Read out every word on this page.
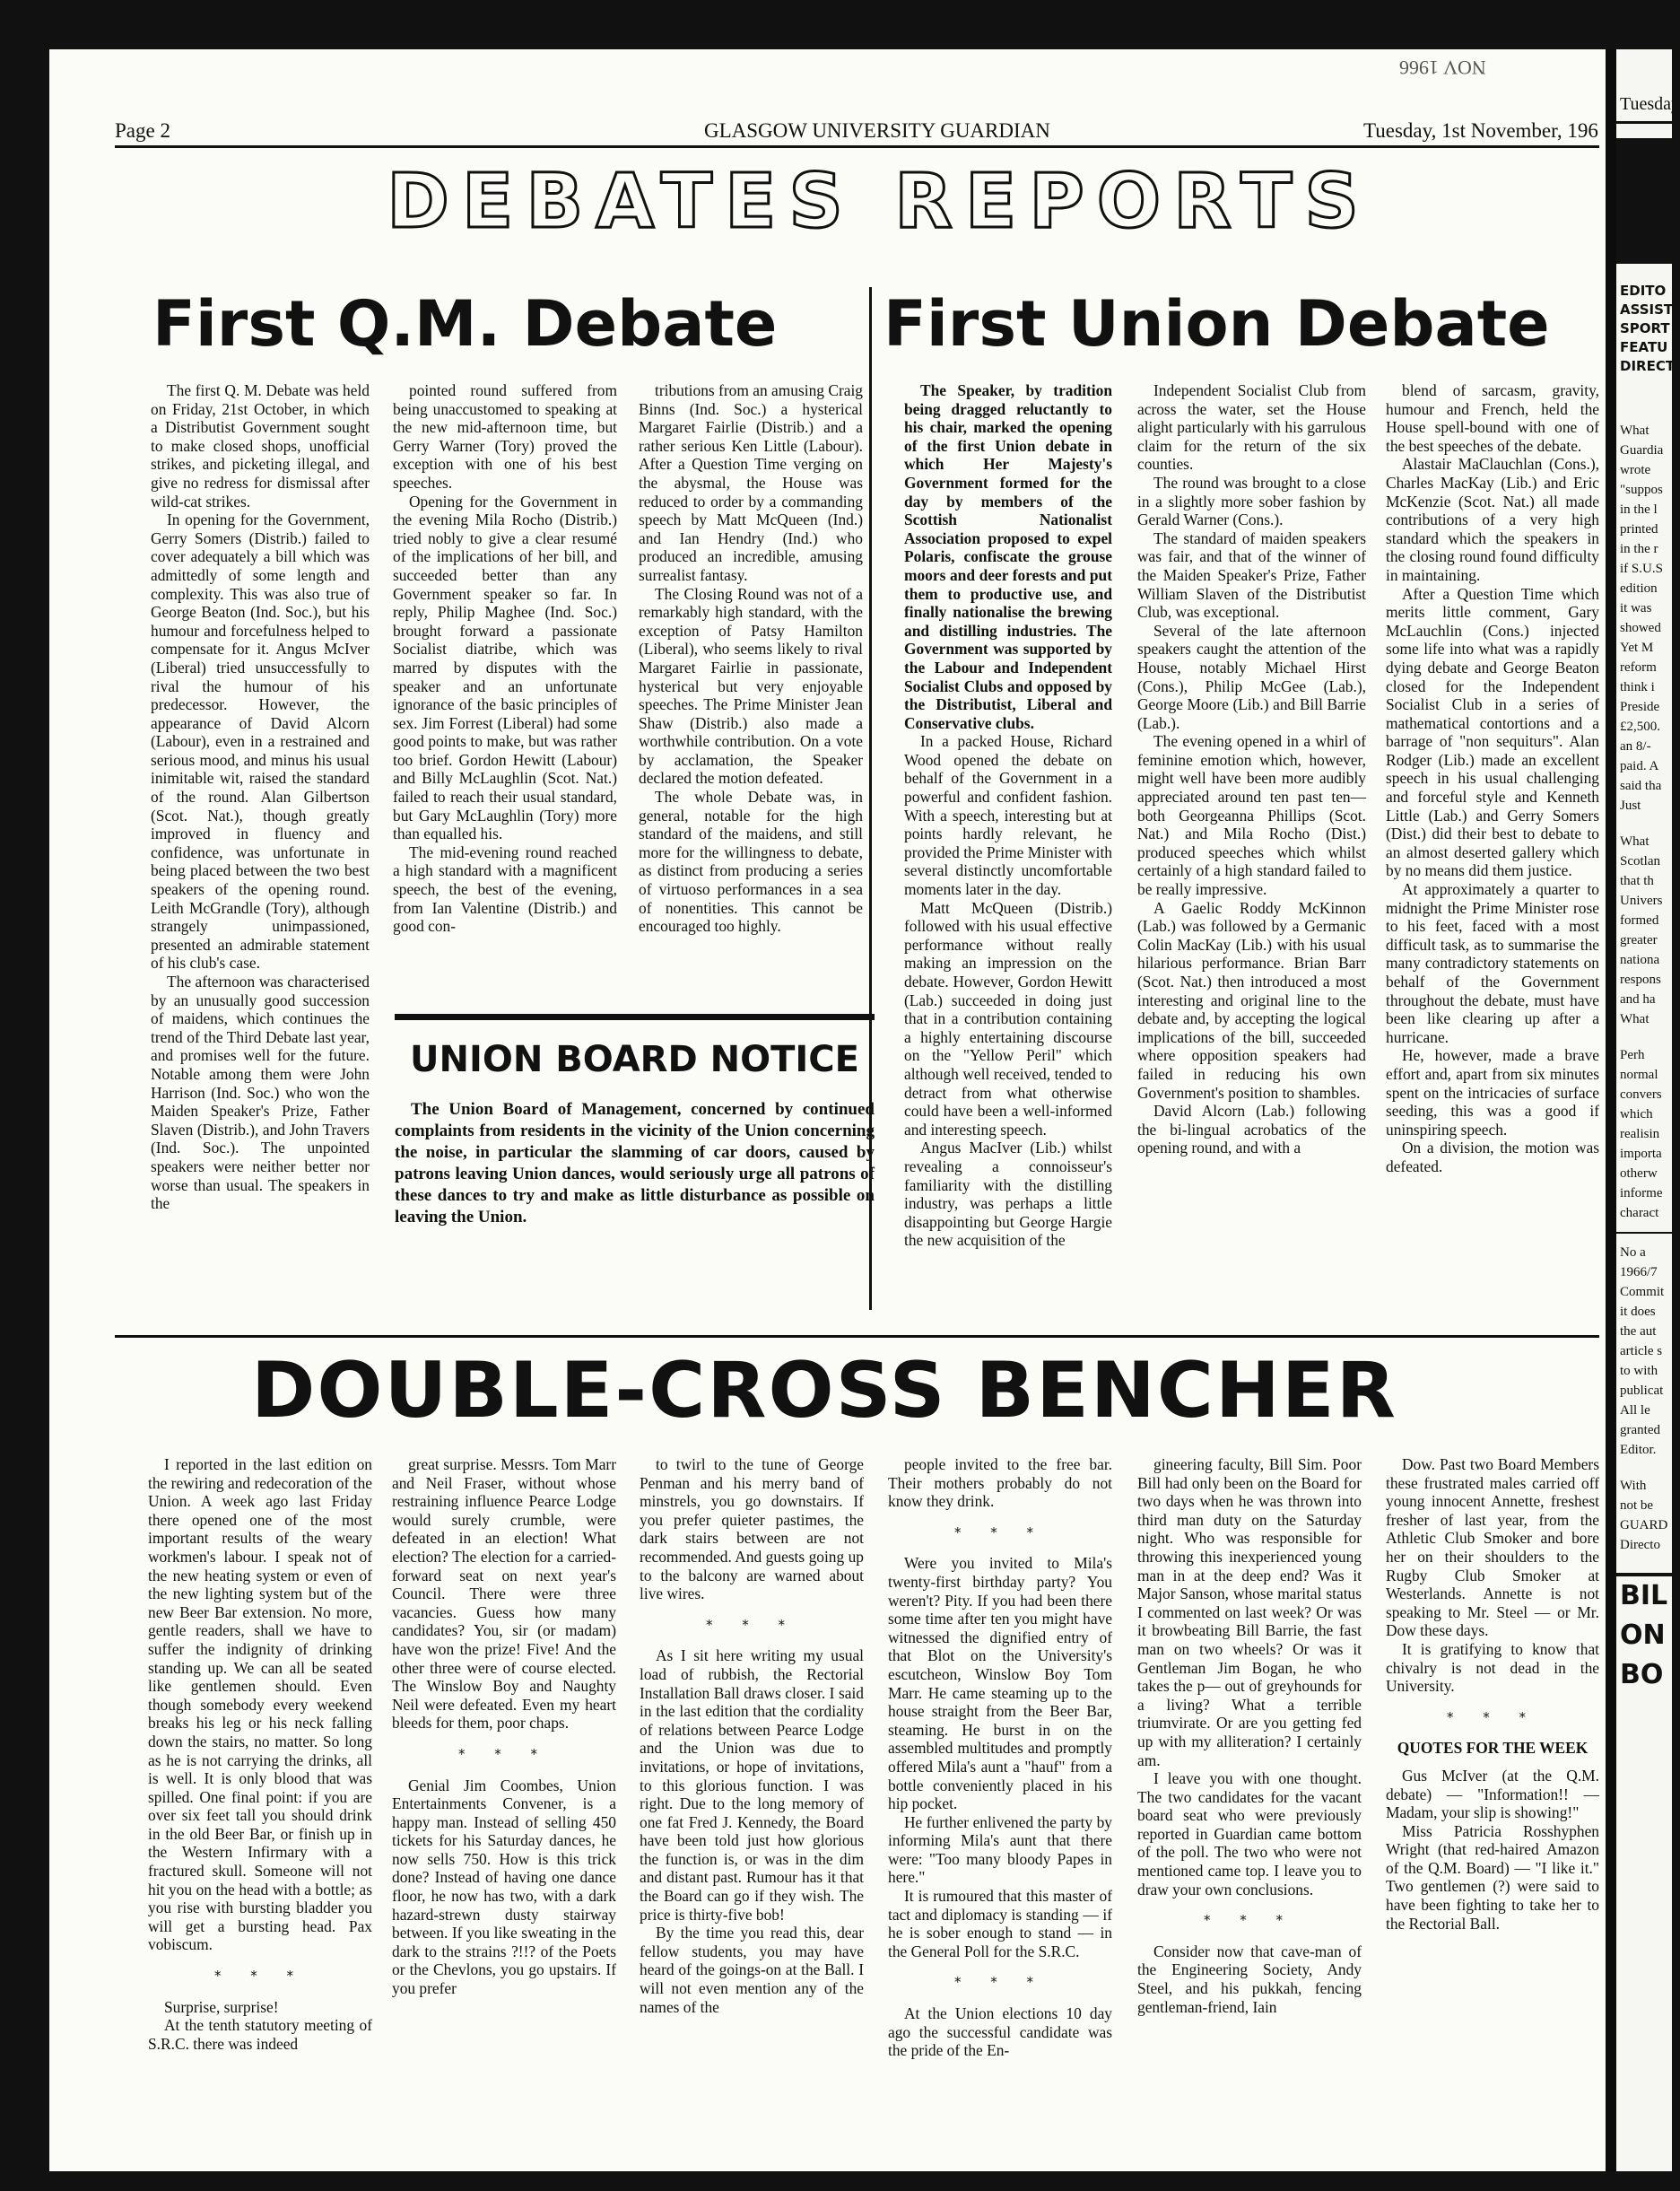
Page 2	GLASGOW UNIVERSITY GUARDIAN	Tuesday, 1st November, 196
NOV 1966
DEBATES REPORTS
First Q.M. Debate First Union Debate

The first Q. M. Debate was held on Friday, 21st October, in which a Distributist Government sought to make closed shops, unofficial strikes, and picketing illegal, and give no redress for dismissal after wild-cat strikes.

In opening for the Government, Gerry Somers (Distrib.) failed to cover adequately a bill which was admittedly of some length and complexity. This was also true of George Beaton (Ind. Soc.), but his humour and forcefulness helped to compensate for it. Angus McIver (Liberal) tried unsuccessfully to rival the humour of his predecessor. However, the appearance of David Alcorn (Labour), even in a restrained and serious mood, and minus his usual inimitable wit, raised the standard of the round. Alan Gilbertson (Scot. Nat.), though greatly improved in fluency and confidence, was unfortunate in being placed between the two best speakers of the opening round. Leith McGrandle (Tory), although strangely unimpassioned, presented an admirable statement of his club's case.

The afternoon was characterised by an unusually good succession of maidens, which continues the trend of the Third Debate last year, and promises well for the future. Notable among them were John Harrison (Ind. Soc.) who won the Maiden Speaker's Prize, Father Slaven (Distrib.), and John Travers (Ind. Soc.). The unpointed speakers were neither better nor worse than usual. The speakers in the

pointed round suffered from being unaccustomed to speaking at the new mid-afternoon time, but Gerry Warner (Tory) proved the exception with one of his best speeches.

Opening for the Government in the evening Mila Rocho (Distrib.) tried nobly to give a clear resumé of the implications of her bill, and succeeded better than any Government speaker so far. In reply, Philip Maghee (Ind. Soc.) brought forward a passionate Socialist diatribe, which was marred by disputes with the speaker and an unfortunate ignorance of the basic principles of sex. Jim Forrest (Liberal) had some good points to make, but was rather too brief. Gordon Hewitt (Labour) and Billy McLaughlin (Scot. Nat.) failed to reach their usual standard, but Gary McLaughlin (Tory) more than equalled his.

The mid-evening round reached a high standard with a magnificent speech, the best of the evening, from Ian Valentine (Distrib.) and good con-

tributions from an amusing Craig Binns (Ind. Soc.) a hysterical Margaret Fairlie (Distrib.) and a rather serious Ken Little (Labour). After a Question Time verging on the abysmal, the House was reduced to order by a commanding speech by Matt McQueen (Ind.) and Ian Hendry (Ind.) who produced an incredible, amusing surrealist fantasy.

The Closing Round was not of a remarkably high standard, with the exception of Patsy Hamilton (Liberal), who seems likely to rival Margaret Fairlie in passionate, hysterical but very enjoyable speeches. The Prime Minister Jean Shaw (Distrib.) also made a worthwhile contribution. On a vote by acclamation, the Speaker declared the motion defeated.

The whole Debate was, in general, notable for the high standard of the maidens, and still more for the willingness to debate, as distinct from producing a series of virtuoso performances in a sea of nonentities. This cannot be encouraged too highly.

UNION BOARD NOTICE
The Union Board of Management, concerned by continued complaints from residents in the vicinity of the Union concerning the noise, in particular the slamming of car doors, caused by patrons leaving Union dances, would seriously urge all patrons of these dances to try and make as little disturbance as possible on leaving the Union.

The Speaker, by tradition being dragged reluctantly to his chair, marked the opening of the first Union debate in which Her Majesty's Government formed for the day by members of the Scottish Nationalist Association proposed to expel Polaris, confiscate the grouse moors and deer forests and put them to productive use, and finally nationalise the brewing and distilling industries. The Government was supported by the Labour and Independent Socialist Clubs and opposed by the Distributist, Liberal and Conservative clubs.

In a packed House, Richard Wood opened the debate on behalf of the Government in a powerful and confident fashion. With a speech, interesting but at points hardly relevant, he provided the Prime Minister with several distinctly uncomfortable moments later in the day.

Matt McQueen (Distrib.) followed with his usual effective performance without really making an impression on the debate. However, Gordon Hewitt (Lab.) succeeded in doing just that in a contribution containing a highly entertaining discourse on the "Yellow Peril" which although well received, tended to detract from what otherwise could have been a well-informed and interesting speech.

Angus MacIver (Lib.) whilst revealing a connoisseur's familiarity with the distilling industry, was perhaps a little disappointing but George Hargie the new acquisition of the

Independent Socialist Club from across the water, set the House alight particularly with his garrulous claim for the return of the six counties.

The round was brought to a close in a slightly more sober fashion by Gerald Warner (Cons.).

The standard of maiden speakers was fair, and that of the winner of the Maiden Speaker's Prize, Father William Slaven of the Distributist Club, was exceptional.

Several of the late afternoon speakers caught the attention of the House, notably Michael Hirst (Cons.), Philip McGee (Lab.), George Moore (Lib.) and Bill Barrie (Lab.).

The evening opened in a whirl of feminine emotion which, however, might well have been more audibly appreciated around ten past ten—both Georgeanna Phillips (Scot. Nat.) and Mila Rocho (Dist.) produced speeches which whilst certainly of a high standard failed to be really impressive.

A Gaelic Roddy McKinnon (Lab.) was followed by a Germanic Colin MacKay (Lib.) with his usual hilarious performance. Brian Barr (Scot. Nat.) then introduced a most interesting and original line to the debate and, by accepting the logical implications of the bill, succeeded where opposition speakers had failed in reducing his own Government's position to shambles.

David Alcorn (Lab.) following the bi-lingual acrobatics of the opening round, and with a

blend of sarcasm, gravity, humour and French, held the House spell-bound with one of the best speeches of the debate.

Alastair MaClauchlan (Cons.), Charles MacKay (Lib.) and Eric McKenzie (Scot. Nat.) all made contributions of a very high standard which the speakers in the closing round found difficulty in maintaining.

After a Question Time which merits little comment, Gary McLauchlin (Cons.) injected some life into what was a rapidly dying debate and George Beaton closed for the Independent Socialist Club in a series of mathematical contortions and a barrage of "non sequiturs". Alan Rodger (Lib.) made an excellent speech in his usual challenging and forceful style and Kenneth Little (Lab.) and Gerry Somers (Dist.) did their best to debate to an almost deserted gallery which by no means did them justice.

At approximately a quarter to midnight the Prime Minister rose to his feet, faced with a most difficult task, as to summarise the many contradictory statements on behalf of the Government throughout the debate, must have been like clearing up after a hurricane.

He, however, made a brave effort and, apart from six minutes spent on the intricacies of surface seeding, this was a good if uninspiring speech.

On a division, the motion was defeated.

DOUBLE-CROSS BENCHER

I reported in the last edition on the rewiring and redecoration of the Union. A week ago last Friday there opened one of the most important results of the weary workmen's labour. I speak not of the new heating system or even of the new lighting system but of the new Beer Bar extension. No more, gentle readers, shall we have to suffer the indignity of drinking standing up. We can all be seated like gentlemen should. Even though somebody every weekend breaks his leg or his neck falling down the stairs, no matter. So long as he is not carrying the drinks, all is well. It is only blood that was spilled. One final point: if you are over six feet tall you should drink in the old Beer Bar, or finish up in the Western Infirmary with a fractured skull. Someone will not hit you on the head with a bottle; as you rise with bursting bladder you will get a bursting head. Pax vobiscum.

* * *

Surprise, surprise!

At the tenth statutory meeting of S.R.C. there was indeed

great surprise. Messrs. Tom Marr and Neil Fraser, without whose restraining influence Pearce Lodge would surely crumble, were defeated in an election! What election? The election for a carried-forward seat on next year's Council. There were three vacancies. Guess how many candidates? You, sir (or madam) have won the prize! Five! And the other three were of course elected. The Winslow Boy and Naughty Neil were defeated. Even my heart bleeds for them, poor chaps.

* * *

Genial Jim Coombes, Union Entertainments Convener, is a happy man. Instead of selling 450 tickets for his Saturday dances, he now sells 750. How is this trick done? Instead of having one dance floor, he now has two, with a dark hazard-strewn dusty stairway between. If you like sweating in the dark to the strains ?!!? of the Poets or the Chevlons, you go upstairs. If you prefer

to twirl to the tune of George Penman and his merry band of minstrels, you go downstairs. If you prefer quieter pastimes, the dark stairs between are not recommended. And guests going up to the balcony are warned about live wires.

* * *

As I sit here writing my usual load of rubbish, the Rectorial Installation Ball draws closer. I said in the last edition that the cordiality of relations between Pearce Lodge and the Union was due to invitations, or hope of invitations, to this glorious function. I was right. Due to the long memory of one fat Fred J. Kennedy, the Board have been told just how glorious the function is, or was in the dim and distant past. Rumour has it that the Board can go if they wish. The price is thirty-five bob!

By the time you read this, dear fellow students, you may have heard of the goings-on at the Ball. I will not even mention any of the names of the

people invited to the free bar. Their mothers probably do not know they drink.

* * *

Were you invited to Mila's twenty-first birthday party? You weren't? Pity. If you had been there some time after ten you might have witnessed the dignified entry of that Blot on the University's escutcheon, Winslow Boy Tom Marr. He came steaming up to the house straight from the Beer Bar, steaming. He burst in on the assembled multitudes and promptly offered Mila's aunt a "hauf" from a bottle conveniently placed in his hip pocket.

He further enlivened the party by informing Mila's aunt that there were: "Too many bloody Papes in here."

It is rumoured that this master of tact and diplomacy is standing — if he is sober enough to stand — in the General Poll for the S.R.C.

* * *

At the Union elections 10 day ago the successful candidate was the pride of the En-

gineering faculty, Bill Sim. Poor Bill had only been on the Board for two days when he was thrown into third man duty on the Saturday night. Who was responsible for throwing this inexperienced young man in at the deep end? Was it Major Sanson, whose marital status I commented on last week? Or was it browbeating Bill Barrie, the fast man on two wheels? Or was it Gentleman Jim Bogan, he who takes the p— out of greyhounds for a living? What a terrible triumvirate. Or are you getting fed up with my alliteration? I certainly am.

I leave you with one thought. The two candidates for the vacant board seat who were previously reported in Guardian came bottom of the poll. The two who were not mentioned came top. I leave you to draw your own conclusions.

* * *

Consider now that cave-man of the Engineering Society, Andy Steel, and his pukkah, fencing gentleman-friend, Iain

Dow. Past two Board Members these frustrated males carried off young innocent Annette, freshest fresher of last year, from the Athletic Club Smoker and bore her on their shoulders to the Rugby Club Smoker at Westerlands. Annette is not speaking to Mr. Steel — or Mr. Dow these days.

It is gratifying to know that chivalry is not dead in the University.

* * *

QUOTES FOR THE WEEK

Gus McIver (at the Q.M. debate) — "Information!! — Madam, your slip is showing!"

Miss Patricia Rosshyphen Wright (that red-haired Amazon of the Q.M. Board) — "I like it." Two gentlemen (?) were said to have been fighting to take her to the Rectorial Ball.

Tuesday
EDITO
ASSIST
SPORT
FEATU
DIRECT
What
Guardia
wrote
"suppos
in the l
printed
in the r
if S.U.S
edition
it was
showed
Yet M
reform
think i
Preside
£2,500.
an 8/-
paid. A
said tha
Just
What
Scotlan
that th
Univers
formed
greater
nationa
respons
and ha
What
Perh
normal
convers
which
realisin
importa
otherw
informe
charact
No a
1966/7
Commit
it does
the aut
article s
to with
publicat
All le
granted
Editor.
With
not be
GUARD
Directo
BIL
ON
BO
